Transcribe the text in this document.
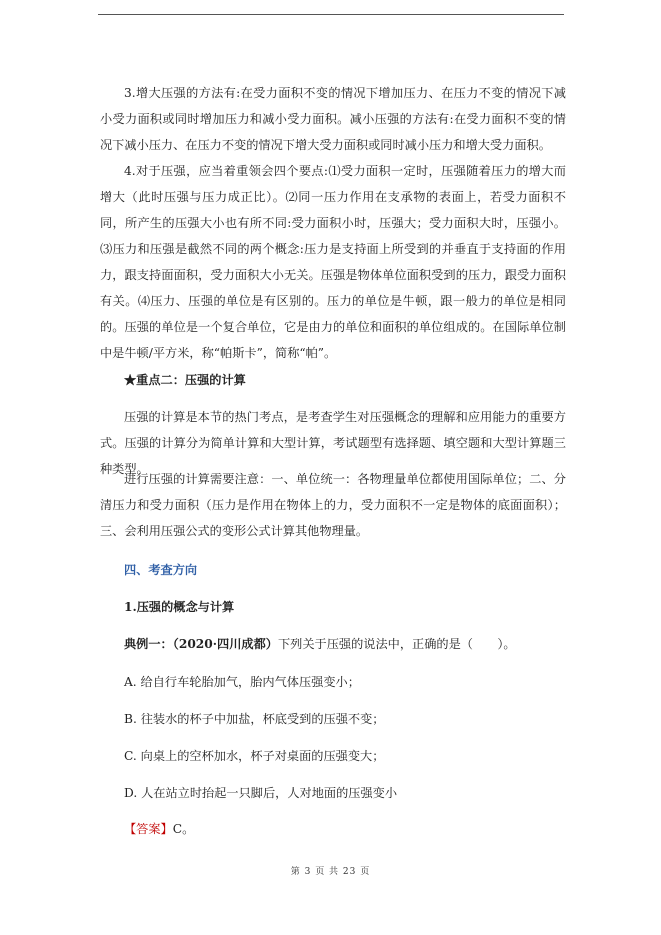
3.增大压强的方法有:在受力面积不变的情况下增加压力、在压力不变的情况下减小受力面积或同时增加压力和减小受力面积。减小压强的方法有:在受力面积不变的情况下减小压力、在压力不变的情况下增大受力面积或同时减小压力和增大受力面积。
4.对于压强，应当着重领会四个要点:⑴受力面积一定时，压强随着压力的增大而增大（此时压强与压力成正比）。⑵同一压力作用在支承物的表面上，若受力面积不同，所产生的压强大小也有所不同:受力面积小时，压强大；受力面积大时，压强小。⑶压力和压强是截然不同的两个概念:压力是支持面上所受到的并垂直于支持面的作用力，跟支持面面积，受力面积大小无关。压强是物体单位面积受到的压力，跟受力面积有关。⑷压力、压强的单位是有区别的。压力的单位是牛顿，跟一般力的单位是相同的。压强的单位是一个复合单位，它是由力的单位和面积的单位组成的。在国际单位制中是牛顿/平方米，称“帕斯卡”，简称“帕”。
★重点二：压强的计算
压强的计算是本节的热门考点，是考查学生对压强概念的理解和应用能力的重要方式。压强的计算分为简单计算和大型计算，考试题型有选择题、填空题和大型计算题三种类型。
进行压强的计算需要注意：一、单位统一：各物理量单位都使用国际单位；二、分清压力和受力面积（压力是作用在物体上的力，受力面积不一定是物体的底面面积）；三、会利用压强公式的变形公式计算其他物理量。
四、考查方向
1.压强的概念与计算
典例一：（2020·四川成都）下列关于压强的说法中，正确的是（　　）。
A. 给自行车轮胎加气，胎内气体压强变小；
B. 往装水的杯子中加盐，杯底受到的压强不变；
C. 向桌上的空杯加水，杯子对桌面的压强变大；
D. 人在站立时抬起一只脚后，人对地面的压强变小
【答案】C。
第 3 页 共 23 页
